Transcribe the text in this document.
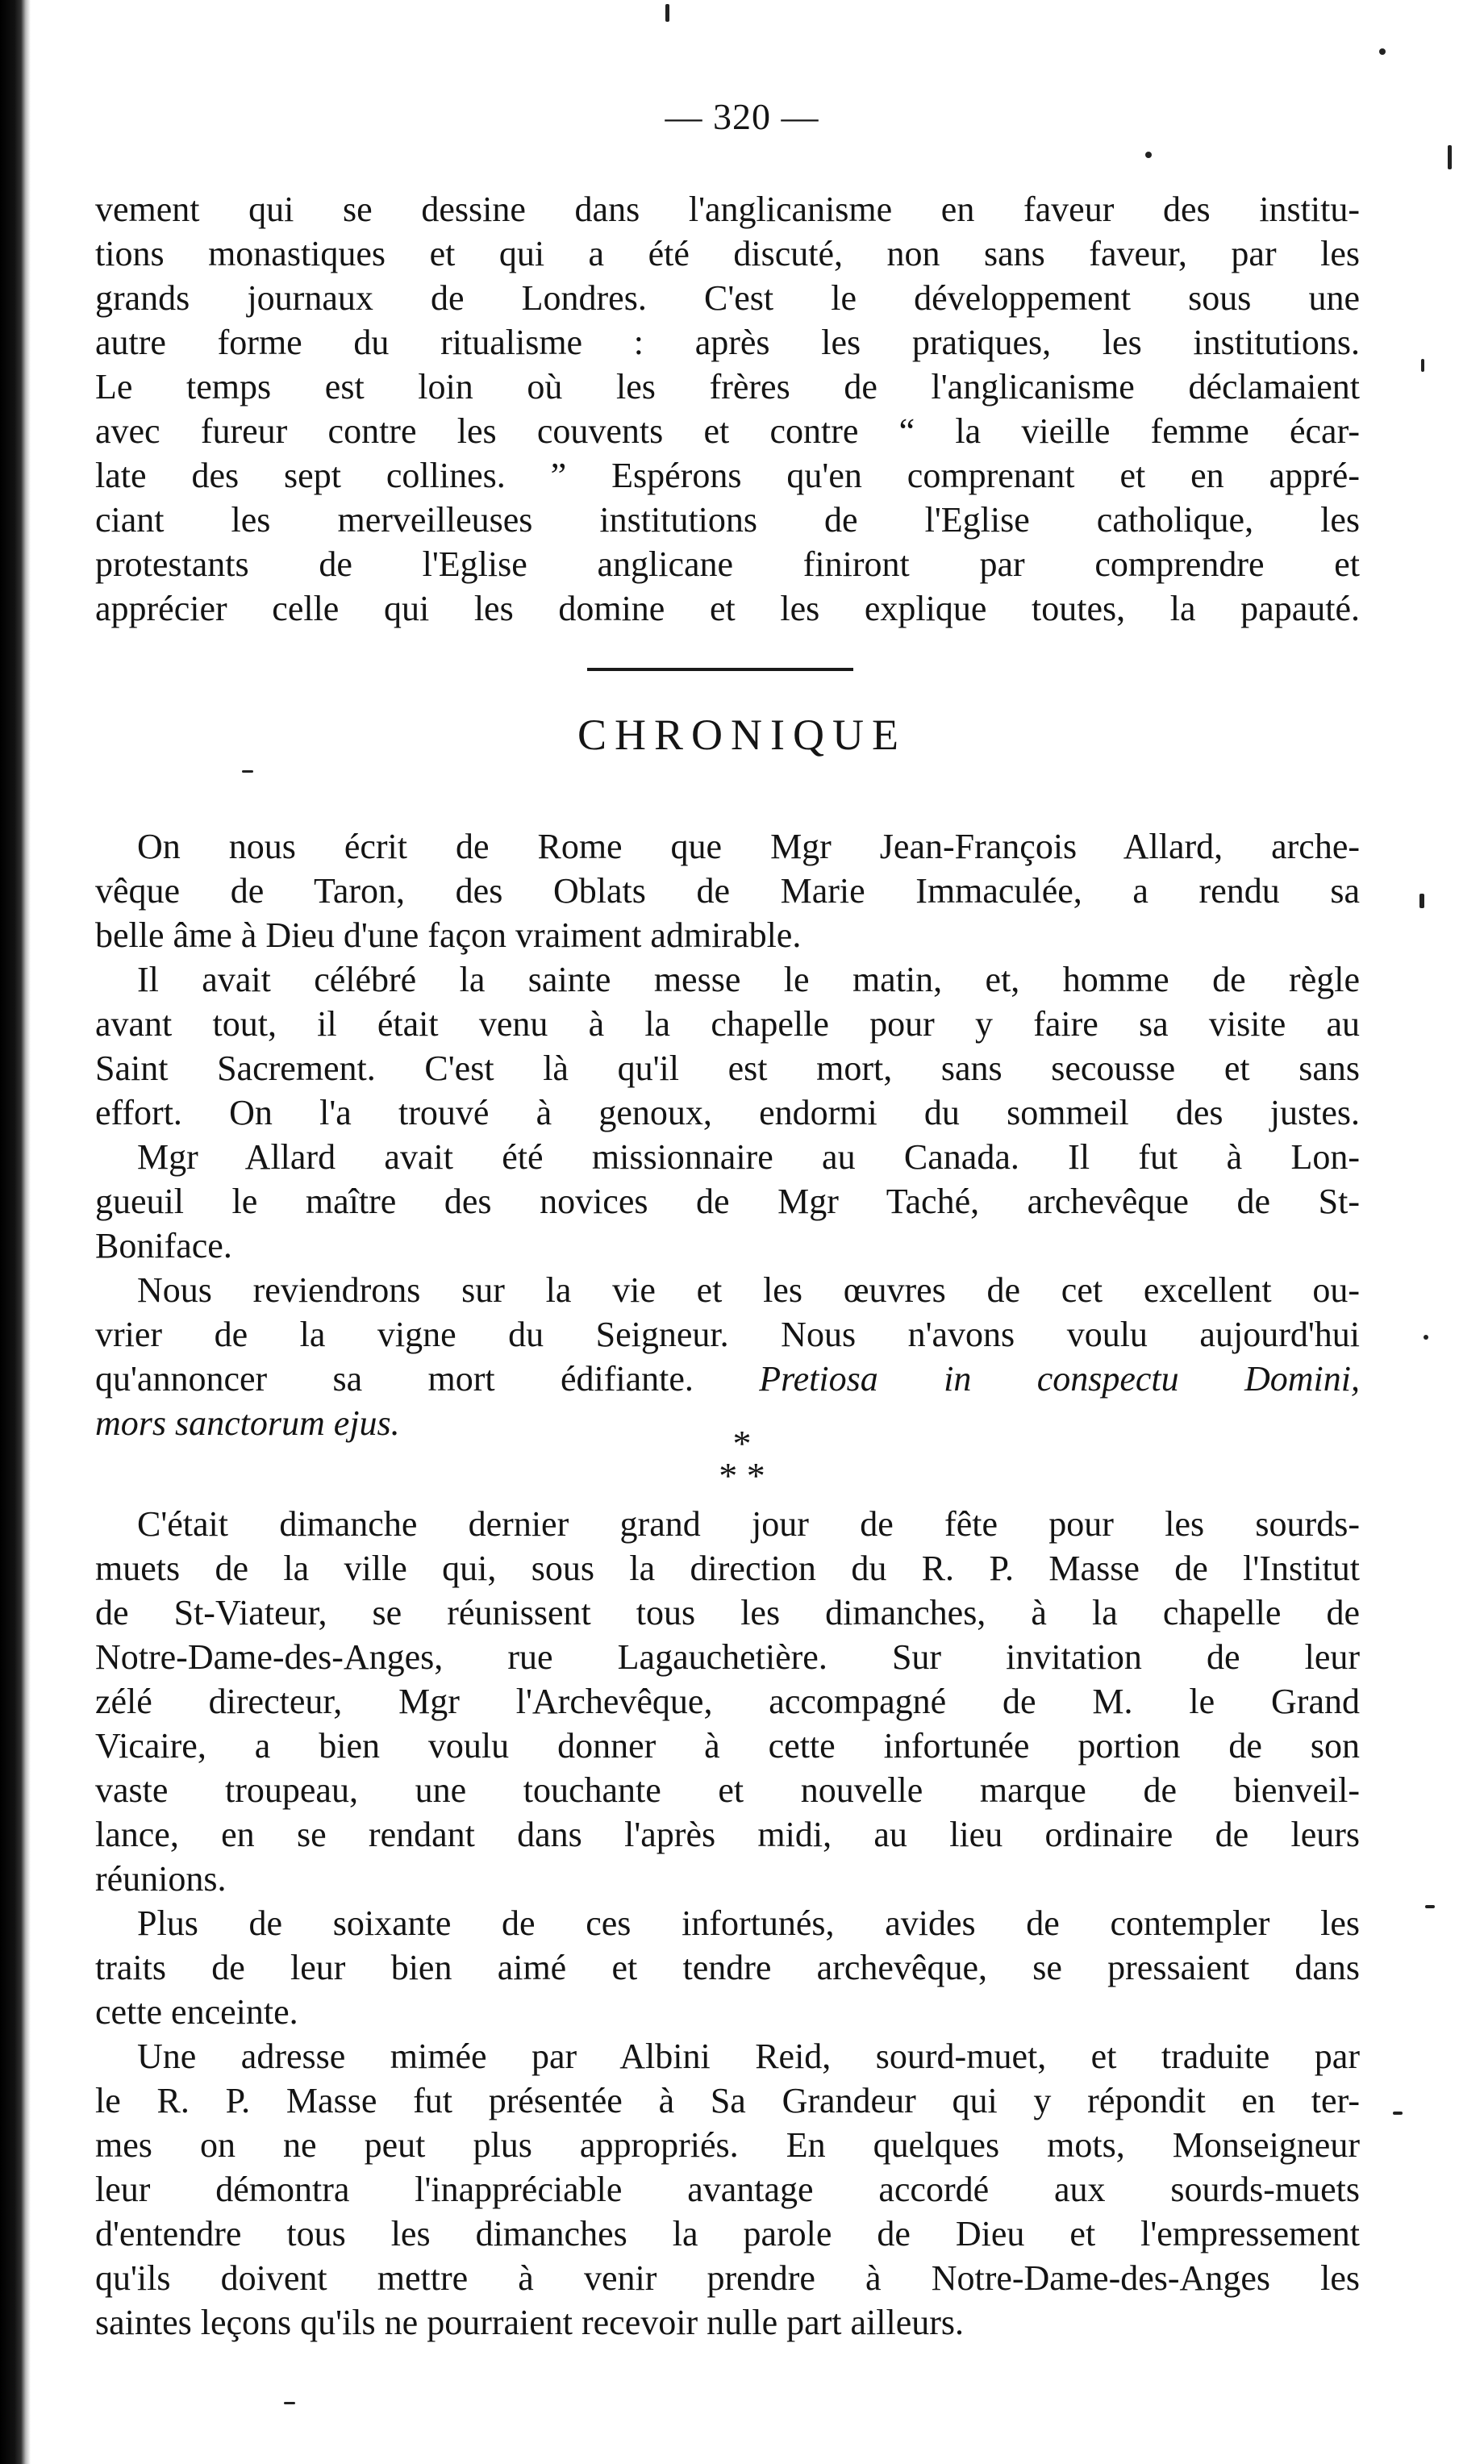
— 320 —
vement qui se dessine dans l'anglicanisme en faveur des institu-
tions monastiques et qui a été discuté, non sans faveur, par les
grands journaux de Londres. C'est le développement sous une
autre forme du ritualisme : après les pratiques, les institutions.
Le temps est loin où les frères de l'anglicanisme déclamaient
avec fureur contre les couvents et contre “ la vieille femme écar-
late des sept collines. ” Espérons qu'en comprenant et en appré-
ciant les merveilleuses institutions de l'Eglise catholique, les
protestants de l'Eglise anglicane finiront par comprendre et
apprécier celle qui les domine et les explique toutes, la papauté.
CHRONIQUE
On nous écrit de Rome que Mgr Jean-François Allard, arche-
vêque de Taron, des Oblats de Marie Immaculée, a rendu sa
belle âme à Dieu d'une façon vraiment admirable.
Il avait célébré la sainte messe le matin, et, homme de règle
avant tout, il était venu à la chapelle pour y faire sa visite au
Saint Sacrement. C'est là qu'il est mort, sans secousse et sans
effort. On l'a trouvé à genoux, endormi du sommeil des justes.
Mgr Allard avait été missionnaire au Canada. Il fut à Lon-
gueuil le maître des novices de Mgr Taché, archevêque de St-
Boniface.
Nous reviendrons sur la vie et les œuvres de cet excellent ou-
vrier de la vigne du Seigneur. Nous n'avons voulu aujourd'hui
qu'annoncer sa mort édifiante. Pretiosa in conspectu Domini,
mors sanctorum ejus.	*
* *
C'était dimanche dernier grand jour de fête pour les sourds-
muets de la ville qui, sous la direction du R. P. Masse de l'Institut
de St-Viateur, se réunissent tous les dimanches, à la chapelle de
Notre-Dame-des-Anges, rue Lagauchetière. Sur invitation de leur
zélé directeur, Mgr l'Archevêque, accompagné de M. le Grand
Vicaire, a bien voulu donner à cette infortunée portion de son
vaste troupeau, une touchante et nouvelle marque de bienveil-
lance, en se rendant dans l'après midi, au lieu ordinaire de leurs
réunions.
Plus de soixante de ces infortunés, avides de contempler les
traits de leur bien aimé et tendre archevêque, se pressaient dans
cette enceinte.
Une adresse mimée par Albini Reid, sourd-muet, et traduite par
le R. P. Masse fut présentée à Sa Grandeur qui y répondit en ter-
mes on ne peut plus appropriés. En quelques mots, Monseigneur
leur démontra l'inappréciable avantage accordé aux sourds-muets
d'entendre tous les dimanches la parole de Dieu et l'empressement
qu'ils doivent mettre à venir prendre à Notre-Dame-des-Anges les
saintes leçons qu'ils ne pourraient recevoir nulle part ailleurs.
